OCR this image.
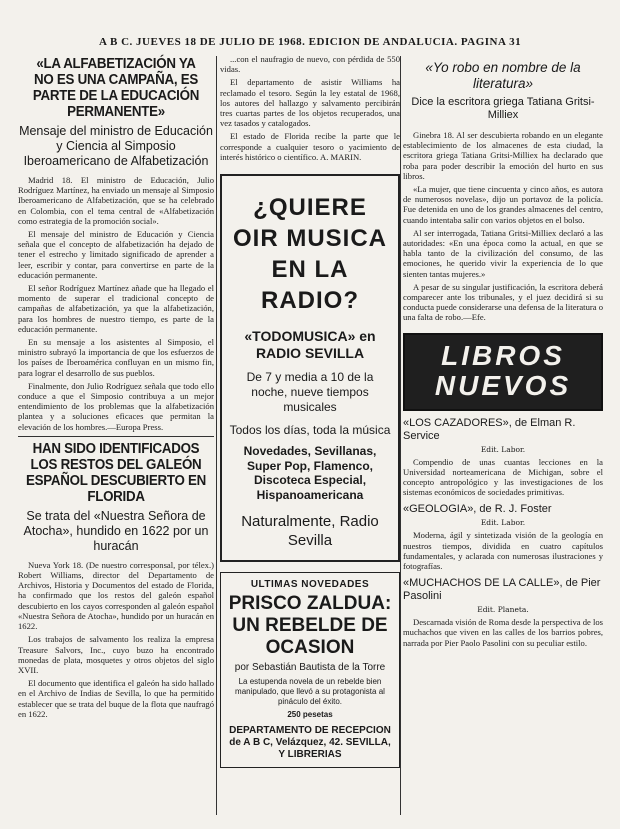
A B C. JUEVES 18 DE JULIO DE 1968. EDICION DE ANDALUCIA. PAGINA 31
«LA ALFABETIZACIÓN YA NO ES UNA CAMPAÑA, ES PARTE DE LA EDUCACIÓN PERMANENTE»
Mensaje del ministro de Educación y Ciencia al Simposio Iberoamericano de Alfabetización

Madrid 18. El ministro de Educación, Julio Rodríguez Martínez, ha enviado un mensaje al Simposio Iberoamericano de Alfabetización, que se ha celebrado en Colombia, con el tema central de «Alfabetización como estrategia de la promoción social».

El mensaje del ministro de Educación y Ciencia señala que el concepto de alfabetización ha dejado de tener el estrecho y limitado significado de aprender a leer, escribir y contar, para convertirse en parte de la educación permanente.

El señor Rodríguez Martínez añade que ha llegado el momento de superar el tradicional concepto de campañas de alfabetización, ya que la alfabetización, para los hombres de nuestro tiempo, es parte de la educación permanente.

En su mensaje a los asistentes al Simposio, el ministro subrayó la importancia de que los esfuerzos de los países de Iberoamérica confluyan en un mismo fin, para lograr el desarrollo de sus pueblos.

Finalmente, don Julio Rodríguez señala que todo ello conduce a que el Simposio contribuya a un mejor entendimiento de los problemas que la alfabetización plantea y a soluciones eficaces que permitan la elevación de los hombres.—Europa Press.

HAN SIDO IDENTIFICADOS LOS RESTOS DEL GALEÓN ESPAÑOL DESCUBIERTO EN FLORIDA
Se trata del «Nuestra Señora de Atocha», hundido en 1622 por un huracán

Nueva York 18. (De nuestro corresponsal, por télex.) Robert Williams, director del Departamento de Archivos, Historia y Documentos del estado de Florida, ha confirmado que los restos del galeón español descubierto en los cayos corresponden al galeón español «Nuestra Señora de Atocha», hundido por un huracán en 1622.

Los trabajos de salvamento los realiza la empresa Treasure Salvors, Inc., cuyo buzo ha encontrado monedas de plata, mosquetes y otros objetos del siglo XVII.

El documento que identifica el galeón ha sido hallado en el Archivo de Indias de Sevilla, lo que ha permitido establecer que se trata del buque de la flota que naufragó en 1622.

...con el naufragio de nuevo, con pérdida de 550 vidas.

El departamento de asistir Williams ha reclamado el tesoro. Según la ley estatal de 1968, los autores del hallazgo y salvamento percibirán tres cuartas partes de los objetos recuperados, una vez tasados y catalogados.

El estado de Florida recibe la parte que le corresponde a cualquier tesoro o yacimiento de interés histórico o científico. A. MARIN.

¿QUIERE OIR MUSICA EN LA RADIO?
«TODOMUSICA» en RADIO SEVILLA
De 7 y media a 10 de la noche, nueve tiempos musicales
Todos los días, toda la música
Novedades, Sevillanas, Super Pop, Flamenco, Discoteca Especial, Hispanoamericana
Naturalmente, Radio Sevilla
ULTIMAS NOVEDADES
PRISCO ZALDUA: UN REBELDE DE OCASION
por Sebastián Bautista de la Torre
La estupenda novela de un rebelde bien manipulado, que llevó a su protagonista al pináculo del éxito.
250 pesetas
DEPARTAMENTO DE RECEPCION de A B C, Velázquez, 42. SEVILLA, Y LIBRERIAS
«Yo robo en nombre de la literatura»
Dice la escritora griega Tatiana Gritsi-Milliex

Ginebra 18. Al ser descubierta robando en un elegante establecimiento de los almacenes de esta ciudad, la escritora griega Tatiana Gritsi-Milliex ha declarado que roba para poder describir la emoción del hurto en sus libros.

«La mujer, que tiene cincuenta y cinco años, es autora de numerosos novelas», dijo un portavoz de la policía. Fue detenida en uno de los grandes almacenes del centro, cuando intentaba salir con varios objetos en el bolso.

Al ser interrogada, Tatiana Gritsi-Milliex declaró a las autoridades: «En una época como la actual, en que se habla tanto de la civilización del consumo, de las emociones, he querido vivir la experiencia de lo que sienten tantas mujeres.»

A pesar de su singular justificación, la escritora deberá comparecer ante los tribunales, y el juez decidirá si su conducta puede considerarse una defensa de la literatura o una falta de robo.—Efe.

LIBROS NUEVOS
«LOS CAZADORES», de Elman R. Service
Edit. Labor.

Compendio de unas cuantas lecciones en la Universidad norteamericana de Michigan, sobre el concepto antropológico y las investigaciones de los sistemas económicos de sociedades primitivas.

«GEOLOGIA», de R. J. Foster
Edit. Labor.

Moderna, ágil y sintetizada visión de la geología en nuestros tiempos, dividida en cuatro capítulos fundamentales, y aclarada con numerosas ilustraciones y fotografías.

«MUCHACHOS DE LA CALLE», de Pier Pasolini
Edit. Planeta.

Descarnada visión de Roma desde la perspectiva de los muchachos que viven en las calles de los barrios pobres, narrada por Pier Paolo Pasolini con su peculiar estilo.
